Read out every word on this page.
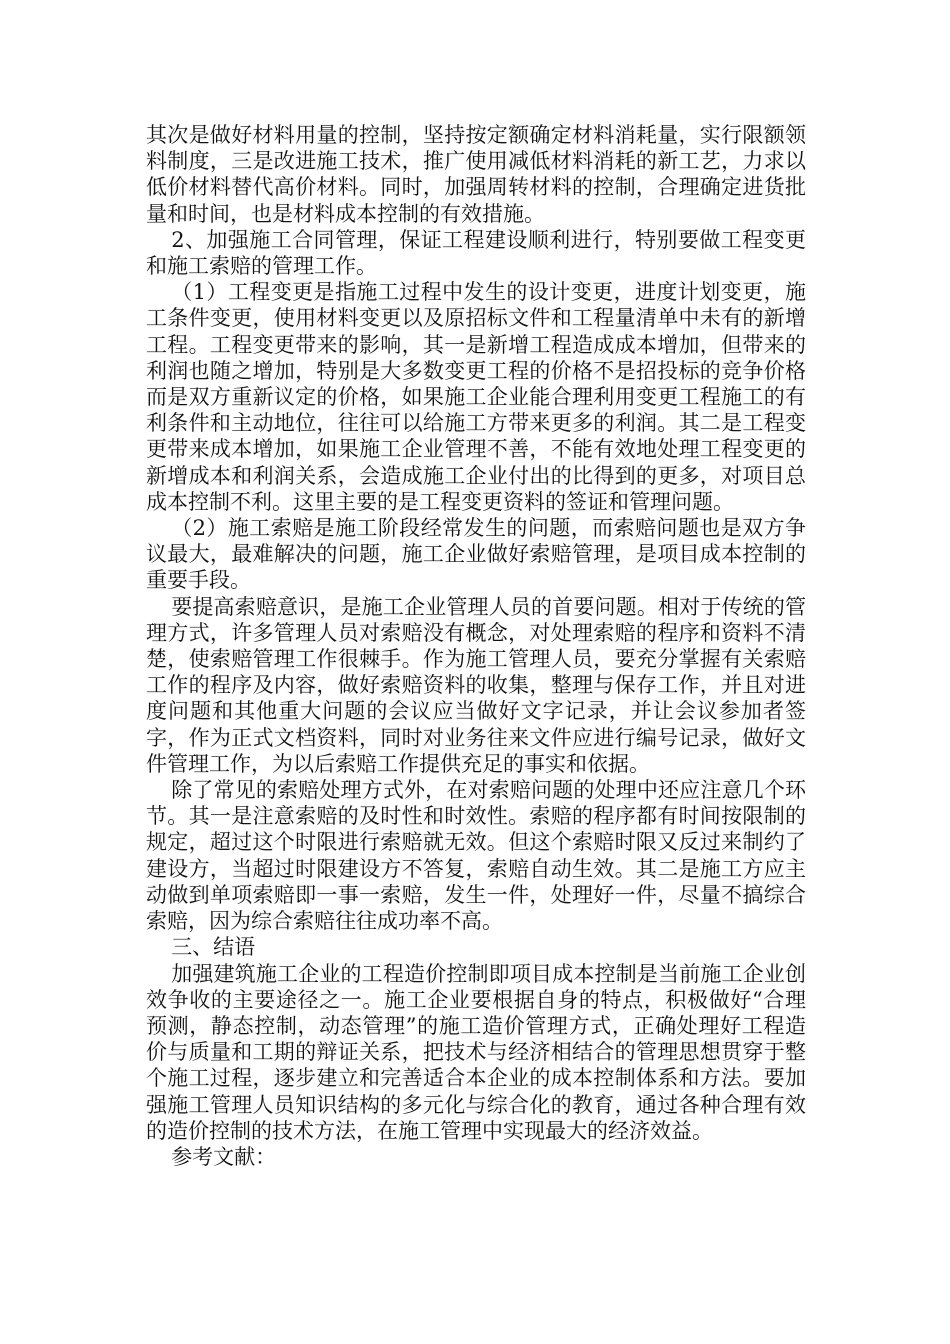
其次是做好材料用量的控制，坚持按定额确定材料消耗量，实行限额领料制度，三是改进施工技术，推广使用减低材料消耗的新工艺，力求以低价材料替代高价材料。同时，加强周转材料的控制，合理确定进货批量和时间，也是材料成本控制的有效措施。

2、加强施工合同管理，保证工程建设顺利进行，特别要做工程变更和施工索赔的管理工作。

（1）工程变更是指施工过程中发生的设计变更，进度计划变更，施工条件变更，使用材料变更以及原招标文件和工程量清单中未有的新增工程。工程变更带来的影响，其一是新增工程造成成本增加，但带来的利润也随之增加，特别是大多数变更工程的价格不是招投标的竞争价格而是双方重新议定的价格，如果施工企业能合理利用变更工程施工的有利条件和主动地位，往往可以给施工方带来更多的利润。其二是工程变更带来成本增加，如果施工企业管理不善，不能有效地处理工程变更的新增成本和利润关系，会造成施工企业付出的比得到的更多，对项目总成本控制不利。这里主要的是工程变更资料的签证和管理问题。

（2）施工索赔是施工阶段经常发生的问题，而索赔问题也是双方争议最大，最难解决的问题，施工企业做好索赔管理，是项目成本控制的重要手段。

要提高索赔意识，是施工企业管理人员的首要问题。相对于传统的管理方式，许多管理人员对索赔没有概念，对处理索赔的程序和资料不清楚，使索赔管理工作很棘手。作为施工管理人员，要充分掌握有关索赔工作的程序及内容，做好索赔资料的收集，整理与保存工作，并且对进度问题和其他重大问题的会议应当做好文字记录，并让会议参加者签字，作为正式文档资料，同时对业务往来文件应进行编号记录，做好文件管理工作，为以后索赔工作提供充足的事实和依据。

除了常见的索赔处理方式外，在对索赔问题的处理中还应注意几个环节。其一是注意索赔的及时性和时效性。索赔的程序都有时间按限制的规定，超过这个时限进行索赔就无效。但这个索赔时限又反过来制约了建设方，当超过时限建设方不答复，索赔自动生效。其二是施工方应主动做到单项索赔即一事一索赔，发生一件，处理好一件，尽量不搞综合索赔，因为综合索赔往往成功率不高。

三、结语

加强建筑施工企业的工程造价控制即项目成本控制是当前施工企业创效争收的主要途径之一。施工企业要根据自身的特点，积极做好“合理预测，静态控制，动态管理”的施工造价管理方式，正确处理好工程造价与质量和工期的辩证关系，把技术与经济相结合的管理思想贯穿于整个施工过程，逐步建立和完善适合本企业的成本控制体系和方法。要加强施工管理人员知识结构的多元化与综合化的教育，通过各种合理有效的造价控制的技术方法，在施工管理中实现最大的经济效益。

参考文献：
